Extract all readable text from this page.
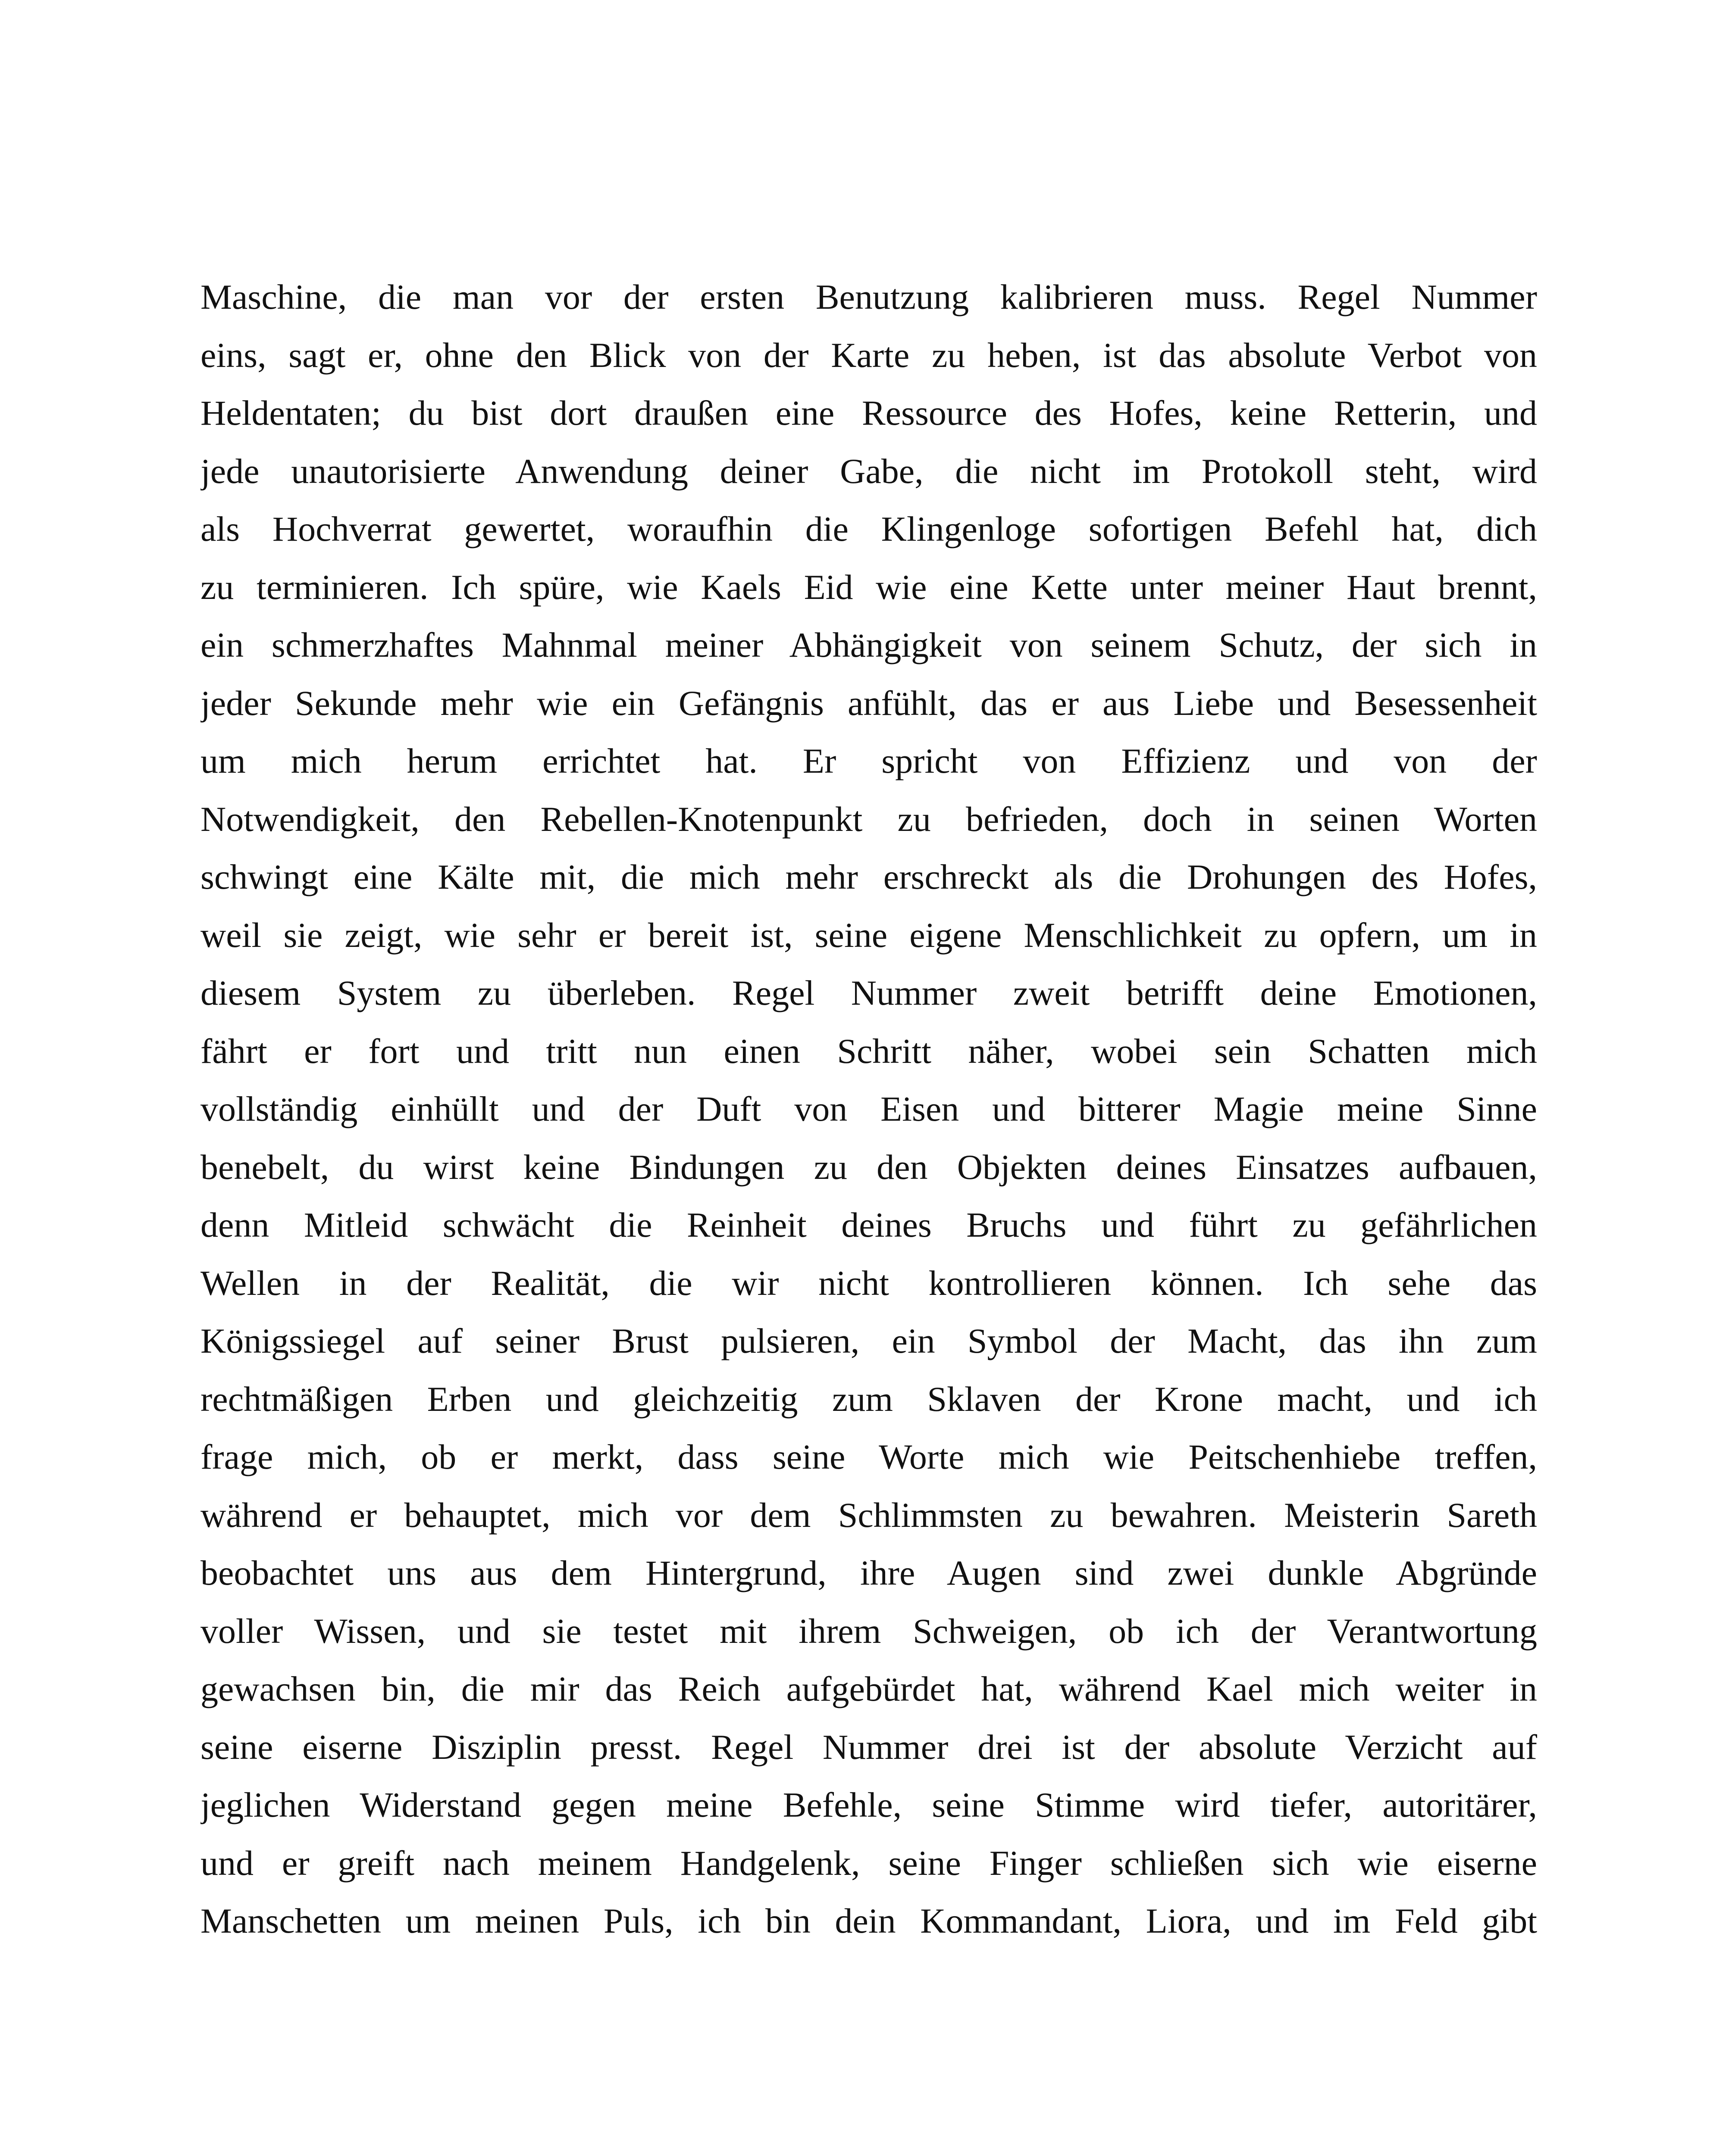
Maschine, die man vor der ersten Benutzung kalibrieren muss. Regel Nummer
eins, sagt er, ohne den Blick von der Karte zu heben, ist das absolute Verbot von
Heldentaten; du bist dort draußen eine Ressource des Hofes, keine Retterin, und
jede unautorisierte Anwendung deiner Gabe, die nicht im Protokoll steht, wird
als Hochverrat gewertet, woraufhin die Klingenloge sofortigen Befehl hat, dich
zu terminieren. Ich spüre, wie Kaels Eid wie eine Kette unter meiner Haut brennt,
ein schmerzhaftes Mahnmal meiner Abhängigkeit von seinem Schutz, der sich in
jeder Sekunde mehr wie ein Gefängnis anfühlt, das er aus Liebe und Besessenheit
um mich herum errichtet hat. Er spricht von Effizienz und von der
Notwendigkeit, den Rebellen-Knotenpunkt zu befrieden, doch in seinen Worten
schwingt eine Kälte mit, die mich mehr erschreckt als die Drohungen des Hofes,
weil sie zeigt, wie sehr er bereit ist, seine eigene Menschlichkeit zu opfern, um in
diesem System zu überleben. Regel Nummer zweit betrifft deine Emotionen,
fährt er fort und tritt nun einen Schritt näher, wobei sein Schatten mich
vollständig einhüllt und der Duft von Eisen und bitterer Magie meine Sinne
benebelt, du wirst keine Bindungen zu den Objekten deines Einsatzes aufbauen,
denn Mitleid schwächt die Reinheit deines Bruchs und führt zu gefährlichen
Wellen in der Realität, die wir nicht kontrollieren können. Ich sehe das
Königssiegel auf seiner Brust pulsieren, ein Symbol der Macht, das ihn zum
rechtmäßigen Erben und gleichzeitig zum Sklaven der Krone macht, und ich
frage mich, ob er merkt, dass seine Worte mich wie Peitschenhiebe treffen,
während er behauptet, mich vor dem Schlimmsten zu bewahren. Meisterin Sareth
beobachtet uns aus dem Hintergrund, ihre Augen sind zwei dunkle Abgründe
voller Wissen, und sie testet mit ihrem Schweigen, ob ich der Verantwortung
gewachsen bin, die mir das Reich aufgebürdet hat, während Kael mich weiter in
seine eiserne Disziplin presst. Regel Nummer drei ist der absolute Verzicht auf
jeglichen Widerstand gegen meine Befehle, seine Stimme wird tiefer, autoritärer,
und er greift nach meinem Handgelenk, seine Finger schließen sich wie eiserne
Manschetten um meinen Puls, ich bin dein Kommandant, Liora, und im Feld gibt
